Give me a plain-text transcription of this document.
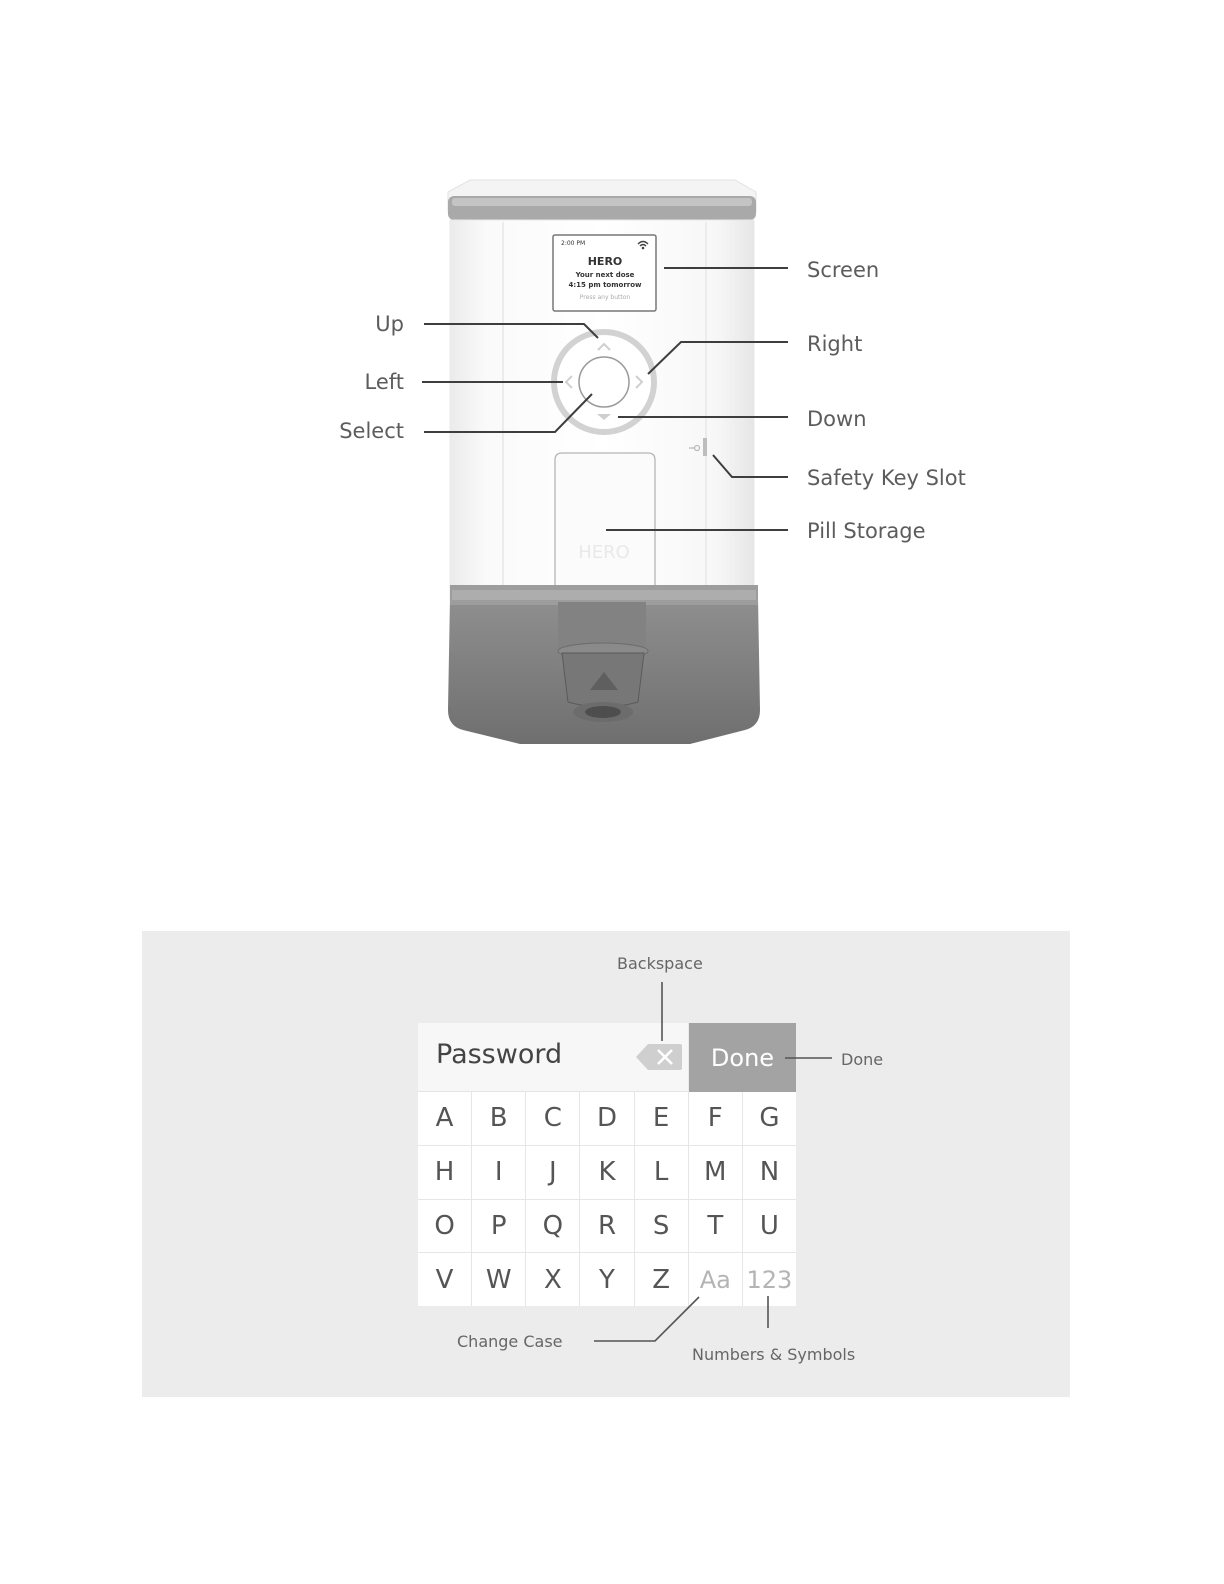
2:00 PM
HERO
Your next dose
4:15 pm tomorrow
Press any button
HERO
Up
Left
Select
Screen
Right
Down
Safety Key Slot
Pill Storage
Password	Done
A	B	C	D	E	F	G
H	I	J	K	L	M	N
O	P	Q	R	S	T	U
V	W	X	Y	Z	Aa 123
Backspace
Done
Change Case
Numbers & Symbols
